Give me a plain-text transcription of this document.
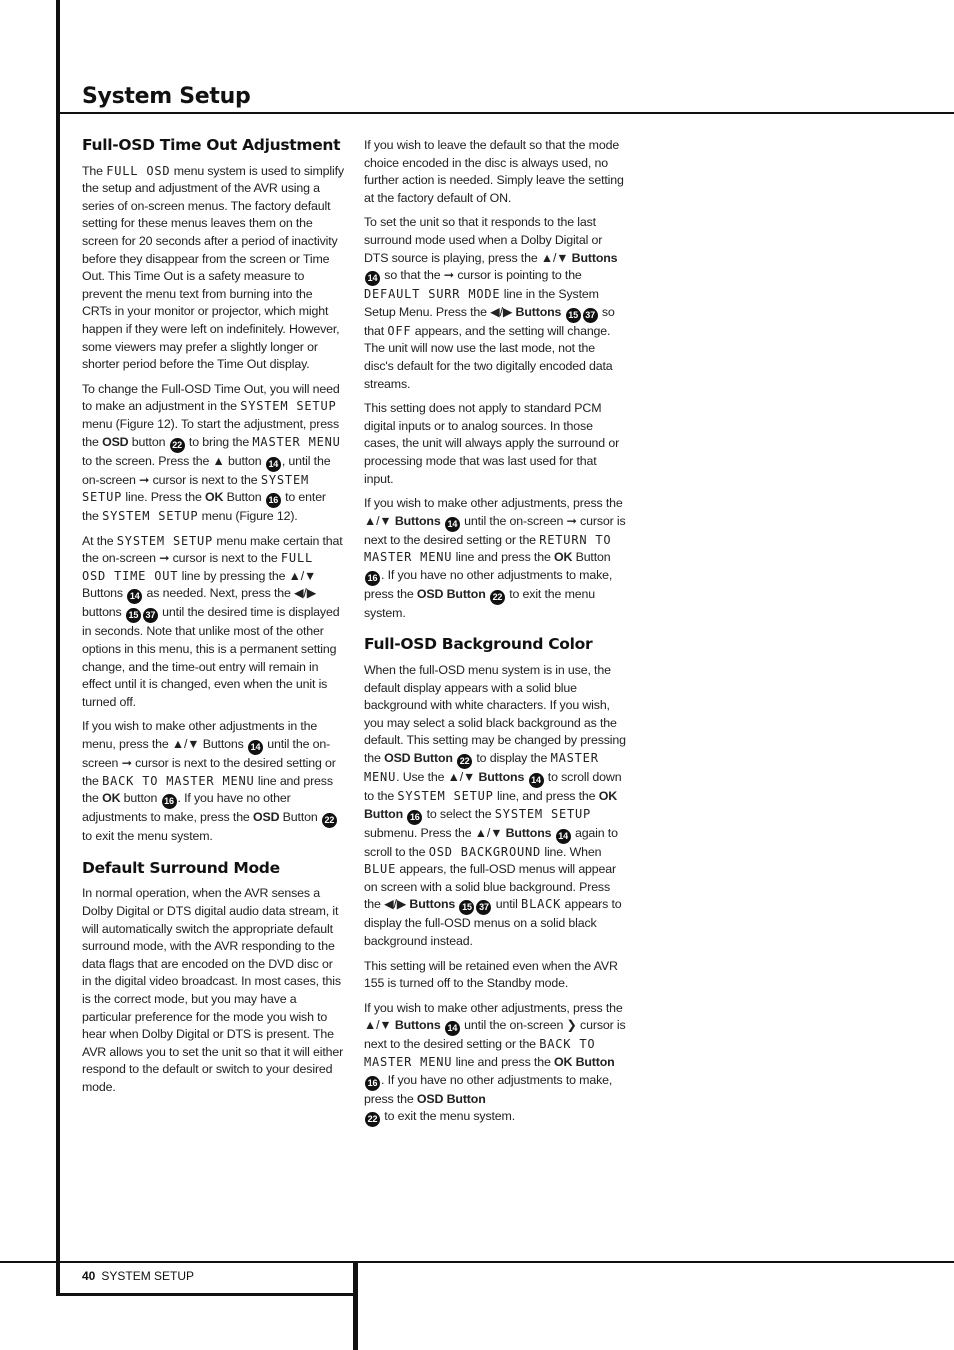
System Setup
Full-OSD Time Out Adjustment

The FULL OSD menu system is used to simplify the setup and adjustment of the AVR using a series of on-screen menus. The factory default setting for these menus leaves them on the screen for 20 seconds after a period of inactivity before they disappear from the screen or Time Out. This Time Out is a safety measure to prevent the menu text from burning into the CRTs in your monitor or projector, which might happen if they were left on indefinitely. However, some viewers may prefer a slightly longer or shorter period before the Time Out display.

To change the Full-OSD Time Out, you will need to make an adjustment in the SYSTEM SETUP menu (Figure 12). To start the adjustment, press the OSD button 22 to bring the MASTER MENU to the screen. Press the ▲ button 14 , until the on-screen ➞ cursor is next to the SYSTEM SETUP line. Press the OK Button 16 to enter the SYSTEM SETUP menu (Figure 12).

At the SYSTEM SETUP menu make certain that the on-screen ➞ cursor is next to the FULL OSD TIME OUT line by pressing the ▲/▼ Buttons 14 as needed. Next, press the ◀/▶ buttons 15 37 until the desired time is displayed in seconds. Note that unlike most of the other options in this menu, this is a permanent setting change, and the time-out entry will remain in effect until it is changed, even when the unit is turned off.

If you wish to make other adjustments in the menu, press the ▲/▼ Buttons 14 until the on-screen ➞ cursor is next to the desired setting or the BACK TO MASTER MENU line and press the OK button 16 . If you have no other adjustments to make, press the OSD Button 22 to exit the menu system.

Default Surround Mode

In normal operation, when the AVR senses a Dolby Digital or DTS digital audio data stream, it will automatically switch the appropriate default surround mode, with the AVR responding to the data flags that are encoded on the DVD disc or in the digital video broadcast. In most cases, this is the correct mode, but you may have a particular preference for the mode you wish to hear when Dolby Digital or DTS is present. The AVR allows you to set the unit so that it will either respond to the default or switch to your desired mode.

If you wish to leave the default so that the mode choice encoded in the disc is always used, no further action is needed. Simply leave the setting at the factory default of ON.

To set the unit so that it responds to the last surround mode used when a Dolby Digital or DTS source is playing, press the ▲/▼ Buttons 14 so that the ➞ cursor is pointing to the DEFAULT SURR MODE line in the System Setup Menu. Press the ◀/▶ Buttons 15 37 so that OFF appears, and the setting will change. The unit will now use the last mode, not the disc's default for the two digitally encoded data streams.

This setting does not apply to standard PCM digital inputs or to analog sources. In those cases, the unit will always apply the surround or processing mode that was last used for that input.

If you wish to make other adjustments, press the ▲/▼ Buttons 14 until the on-screen ➞ cursor is next to the desired setting or the RETURN TO MASTER MENU line and press the OK Button 16 . If you have no other adjustments to make, press the OSD Button 22 to exit the menu system.

Full-OSD Background Color

When the full-OSD menu system is in use, the default display appears with a solid blue background with white characters. If you wish, you may select a solid black background as the default. This setting may be changed by pressing the OSD Button 22 to display the MASTER MENU. Use the ▲/▼ Buttons 14 to scroll down to the SYSTEM SETUP line, and press the OK Button 16 to select the SYSTEM SETUP submenu. Press the ▲/▼ Buttons 14 again to scroll to the OSD BACKGROUND line. When BLUE appears, the full-OSD menus will appear on screen with a solid blue background. Press the ◀/▶ Buttons 15 37 until BLACK appears to display the full-OSD menus on a solid black background instead.

This setting will be retained even when the AVR 155 is turned off to the Standby mode.

If you wish to make other adjustments, press the ▲/▼ Buttons 14 until the on-screen ❯ cursor is next to the desired setting or the BACK TO MASTER MENU line and press the OK Button 16 . If you have no other adjustments to make, press the OSD Button
22 to exit the menu system.

40 SYSTEM SETUP
